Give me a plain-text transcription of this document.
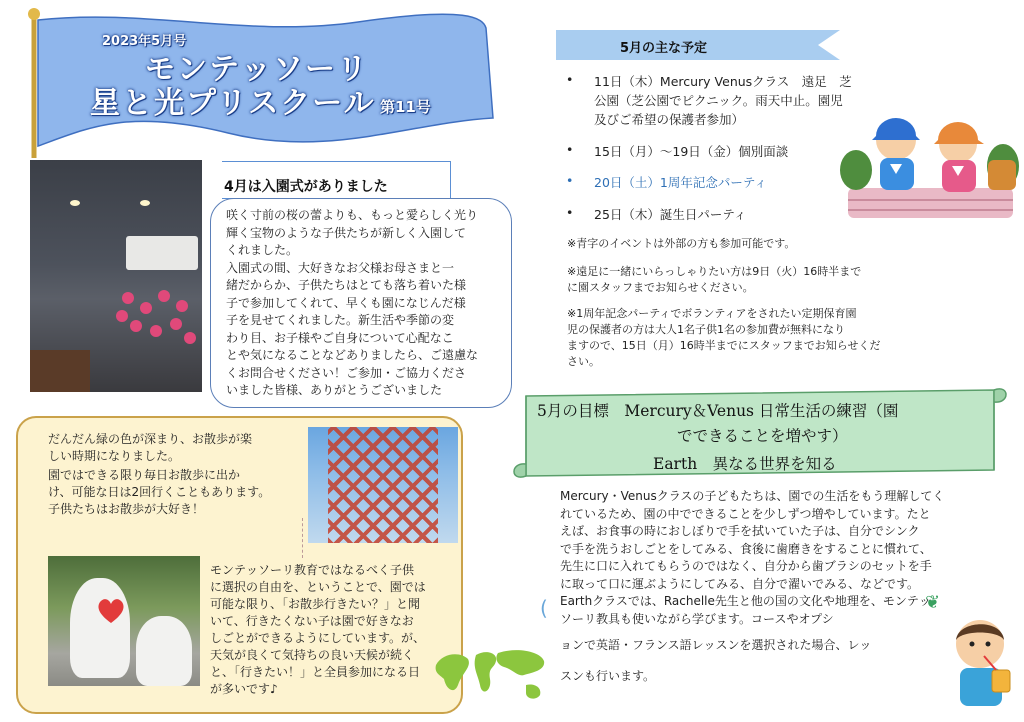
2023年5月号
モンテッソーリ
星と光プリスクール 第11号
4月は入園式がありました
咲く寸前の桜の蕾よりも、もっと愛らしく光り
輝く宝物のような子供たちが新しく入園して
くれました。
入園式の間、大好きなお父様お母さまと一
緒だからか、子供たちはとても落ち着いた様
子で参加してくれて、早くも園になじんだ様
子を見せてくれました。新生活や季節の変
わり目、お子様やご自身について心配なこ
とや気になることなどありましたら、ご遠慮な
くお問合せください！ご参加・ご協力くださ
いました皆様、ありがとうございました
だんだん緑の色が深まり、お散歩が楽
しい時期になりました。
園ではできる限り毎日お散歩に出か
け、可能な日は2回行くこともあります。
子供たちはお散歩が大好き！
モンテッソーリ教育ではなるべく子供
に選択の自由を、ということで、園では
可能な限り、「お散歩行きたい？」と聞
いて、行きたくない子は園で好きなお
しごとができるようにしています。が、
天気が良くて気持ちの良い天候が続く
と、「行きたい！」と全員参加になる日
が多いです♪
5月の主な予定
• 11日（木）Mercury Venusクラス　遠足　芝
公園（芝公園でピクニック。雨天中止。園児
及びご希望の保護者参加）
• 15日（月）～19日（金）個別面談
• 20日（土）1周年記念パーティ
• 25日（木）誕生日パーティ
※青字のイベントは外部の方も参加可能です。
※遠足に一緒にいらっしゃりたい方は9日（火）16時半まで
に園スタッフまでお知らせください。
※1周年記念パーティでボランティアをされたい定期保育園
児の保護者の方は大人1名子供1名の参加費が無料になり
ますので、15日（月）16時半までにスタッフまでお知らせくだ
さい。
5月の目標　Mercury＆Venus 日常生活の練習（園
でできることを増やす）
Earth　異なる世界を知る
Mercury・Venusクラスの子どもたちは、園での生活をもう理解してく
れているため、園の中でできることを少しずつ増やしています。たと
えば、お食事の時におしぼりで手を拭いていた子は、自分でシンク
で手を洗うおしごとをしてみる、食後に歯磨きをすることに慣れて、
先生に口に入れてもらうのではなく、自分から歯ブラシのセットを手
に取って口に運ぶようにしてみる、自分で濯いでみる、などです。
Earthクラスでは、Rachelle先生と他の国の文化や地理を、モンテッ
ソーリ教具も使いながら学びます。コースやオプシ
ョンで英語・フランス語レッスンを選択された場合、レッ
スンも行います。
(	❦
